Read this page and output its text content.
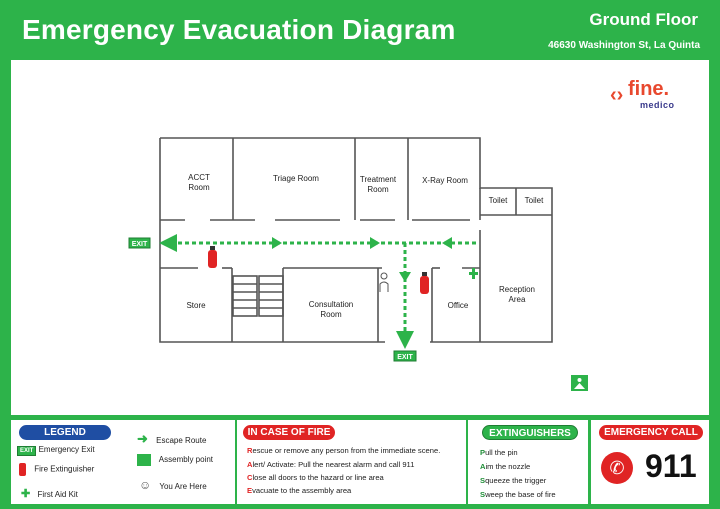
Emergency Evacuation Diagram	Ground Floor
46630 Washington St, La Quinta
‹› fine.
medico
ACCT
Room
Triage Room	Treatment
Room
X-Ray Room
Toilet Toilet
Store	Consultation
Room
Office
Reception
Area
EXIT
EXIT
LEGEND
EXIT Emergency Exit
Fire Extinguisher
✚ First Aid Kit
➜ Escape Route
Assembly point
☺ You Are Here
IN CASE OF FIRE
Rescue or remove any person from the immediate scene.
Alert/ Activate: Pull the nearest alarm and call 911
Close all doors to the hazard or line area
Evacuate to the assembly area
EXTINGUISHERS
Pull the pin
Aim the nozzle
Squeeze the trigger
Sweep the base of fire
EMERGENCY CALL
✆ 911
